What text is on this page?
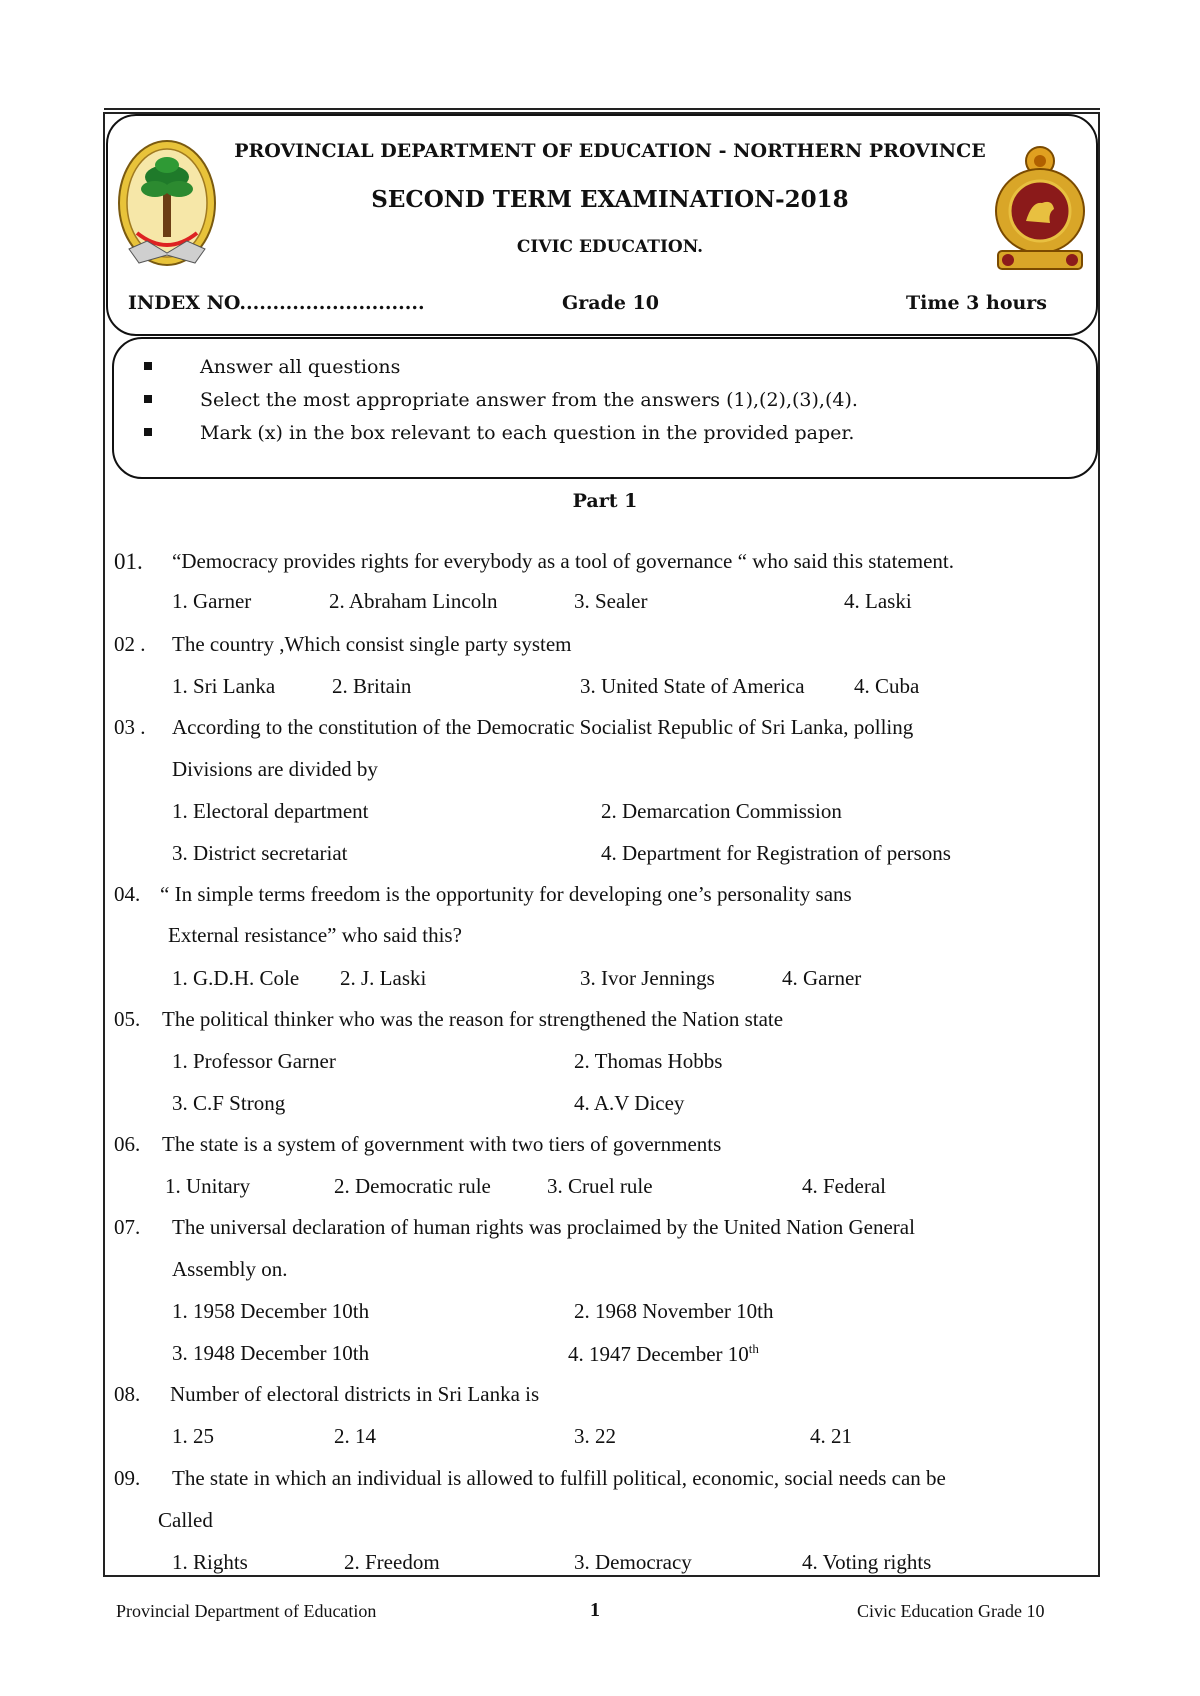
PROVINCIAL DEPARTMENT OF EDUCATION - NORTHERN PROVINCE
SECOND TERM EXAMINATION-2018
CIVIC EDUCATION.
INDEX NO............................	Grade 10	Time 3 hours
Answer all questions
Select the most appropriate answer from the answers (1),(2),(3),(4).
Mark (x) in the box relevant to each question in the provided paper.
Part 1
01. “Democracy provides rights for everybody as a tool of governance “ who said this statement.
1. Garner	2. Abraham Lincoln	3. Sealer	4. Laski
02 . The country ,Which consist single party system
1. Sri Lanka	2. Britain	3. United State of America 4. Cuba
03 . According to the constitution of the Democratic Socialist Republic of Sri Lanka, polling
Divisions are divided by
1. Electoral department	2. Demarcation Commission
3. District secretariat	4. Department for Registration of persons
04. “ In simple terms freedom is the opportunity for developing one’s personality sans
External resistance” who said this?
1. G.D.H. Cole 2. J. Laski	3. Ivor Jennings	4. Garner
05. The political thinker who was the reason for strengthened the Nation state
1. Professor Garner	2. Thomas Hobbs
3. C.F Strong	4. A.V Dicey
06. The state is a system of government with two tiers of governments
1. Unitary	2. Democratic rule	3. Cruel rule	4. Federal
07. The universal declaration of human rights was proclaimed by the United Nation General
Assembly on.
1. 1958 December 10th	2. 1968 November 10th
3. 1948 December 10th	4. 1947 December 10th
08. Number of electoral districts in Sri Lanka is
1. 25	2. 14	3. 22	4. 21
09. The state in which an individual is allowed to fulfill political, economic, social needs can be
Called
1. Rights	2. Freedom	3. Democracy	4. Voting rights
Provincial Department of Education	1	Civic Education Grade 10
